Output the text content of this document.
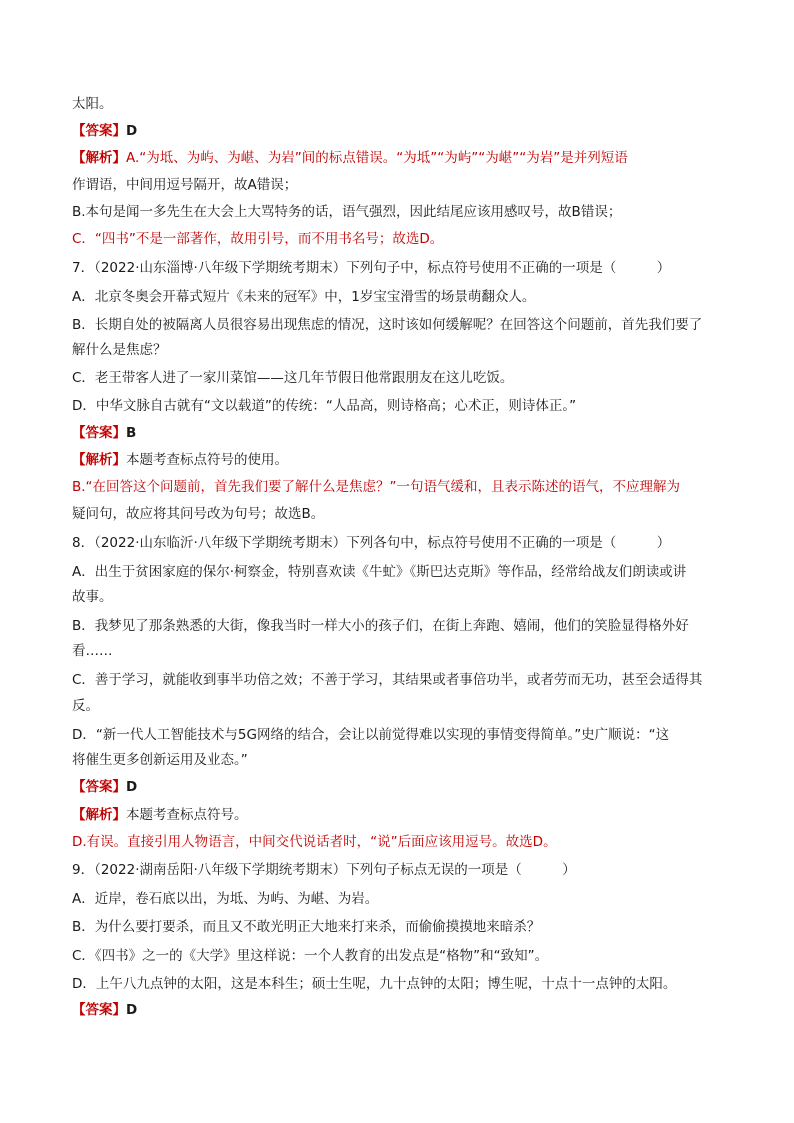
太阳。
【答案】D
【解析】A.“为坻、为屿、为嵁、为岩”间的标点错误。“为坻”“为屿”“为嵁”“为岩”是并列短语
作谓语，中间用逗号隔开，故A错误；
B.本句是闻一多先生在大会上大骂特务的话，语气强烈，因此结尾应该用感叹号，故B错误；
C．“四书”不是一部著作，故用引号，而不用书名号；故选D。
7．（2022·山东淄博·八年级下学期统考期末）下列句子中，标点符号使用不正确的一项是（　　　）
A．北京冬奥会开幕式短片《未来的冠军》中，1岁宝宝滑雪的场景萌翻众人。
B．长期自处的被隔离人员很容易出现焦虑的情况，这时该如何缓解呢？在回答这个问题前，首先我们要了
解什么是焦虑？
C．老王带客人进了一家川菜馆——这几年节假日他常跟朋友在这儿吃饭。
D．中华文脉自古就有“文以载道”的传统：“人品高，则诗格高；心术正，则诗体正。”
【答案】B
【解析】本题考查标点符号的使用。
B.“在回答这个问题前，首先我们要了解什么是焦虑？”一句语气缓和，且表示陈述的语气，不应理解为
疑问句，故应将其问号改为句号；故选B。
8．（2022·山东临沂·八年级下学期统考期末）下列各句中，标点符号使用不正确的一项是（　　　）
A．出生于贫困家庭的保尔·柯察金，特别喜欢读《牛虻》《斯巴达克斯》等作品，经常给战友们朗读或讲
故事。
B．我梦见了那条熟悉的大街，像我当时一样大小的孩子们，在街上奔跑、嬉闹，他们的笑脸显得格外好
看……
C．善于学习，就能收到事半功倍之效；不善于学习，其结果或者事倍功半，或者劳而无功，甚至会适得其
反。
D．“新一代人工智能技术与5G网络的结合，会让以前觉得难以实现的事情变得简单。”史广顺说：“这
将催生更多创新运用及业态。”
【答案】D
【解析】本题考查标点符号。
D.有误。直接引用人物语言，中间交代说话者时，“说”后面应该用逗号。故选D。
9．（2022·湖南岳阳·八年级下学期统考期末）下列句子标点无误的一项是（　　　）
A．近岸，卷石底以出，为坻、为屿、为嵁、为岩。
B．为什么要打要杀，而且又不敢光明正大地来打来杀，而偷偷摸摸地来暗杀？
C．《四书》之一的《大学》里这样说：一个人教育的出发点是“格物”和“致知”。
D．上午八九点钟的太阳，这是本科生；硕士生呢，九十点钟的太阳；博生呢，十点十一点钟的太阳。
【答案】D
